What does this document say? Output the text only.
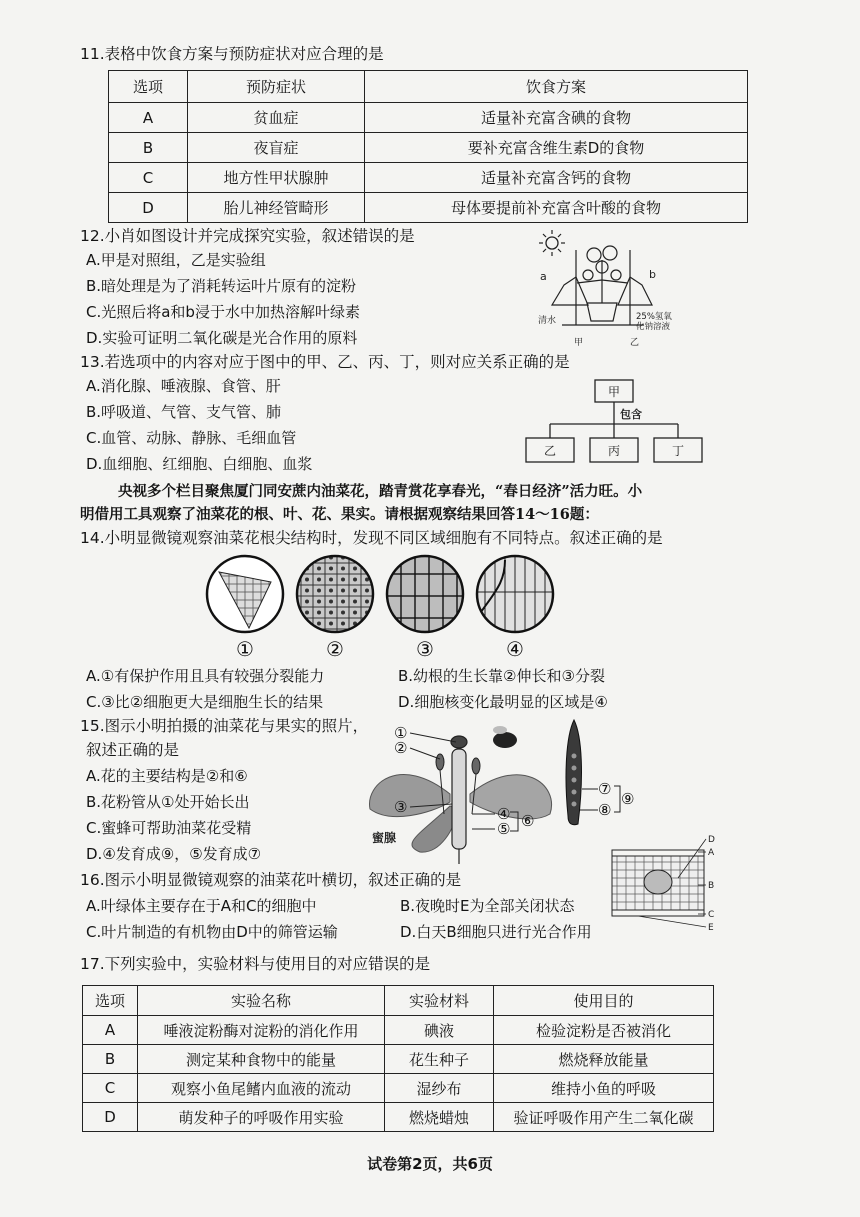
11.表格中饮食方案与预防症状对应合理的是
选项	预防症状	饮食方案
A	贫血症	适量补充富含碘的食物
B	夜盲症	要补充富含维生素D的食物
C	地方性甲状腺肿	适量补充富含钙的食物
D	胎儿神经管畸形	母体要提前补充富含叶酸的食物
12.小肖如图设计并完成探究实验，叙述错误的是
A.甲是对照组，乙是实验组
B.暗处理是为了消耗转运叶片原有的淀粉
C.光照后将a和b浸于水中加热溶解叶绿素
D.实验可证明二氧化碳是光合作用的原料
a	b
清水	25%氢氧
化钠溶液
甲	乙
13.若选项中的内容对应于图中的甲、乙、丙、丁，则对应关系正确的是
A.消化腺、唾液腺、食管、肝
B.呼吸道、气管、支气管、肺
C.血管、动脉、静脉、毛细血管
D.血细胞、红细胞、白细胞、血浆
甲
包含
乙	丙	丁
央视多个栏目聚焦厦门同安蔗内油菜花，踏青赏花享春光，“春日经济”活力旺。小
明借用工具观察了油菜花的根、叶、花、果实。请根据观察结果回答14～16题：
14.小明显微镜观察油菜花根尖结构时，发现不同区域细胞有不同特点。叙述正确的是
①	②	③	④
A.①有保护作用且具有较强分裂能力	B.幼根的生长靠②伸长和③分裂
C.③比②细胞更大是细胞生长的结果	D.细胞核变化最明显的区域是④
15.图示小明拍摄的油菜花与果实的照片，
叙述正确的是
A.花的主要结构是②和⑥
B.花粉管从①处开始长出
C.蜜蜂可帮助油菜花受精
D.④发育成⑨，⑤发育成⑦
①
②
③	④
⑤ ⑥
蜜腺
⑦
⑧
⑨
16.图示小明显微镜观察的油菜花叶横切，叙述正确的是
A.叶绿体主要存在于A和C的细胞中	B.夜晚时E为全部关闭状态
C.叶片制造的有机物由D中的筛管运输	D.白天B细胞只进行光合作用
D
A
B
C
E
17.下列实验中，实验材料与使用目的对应错误的是
选项	实验名称	实验材料	使用目的
A	唾液淀粉酶对淀粉的消化作用	碘液	检验淀粉是否被消化
B	测定某种食物中的能量	花生种子	燃烧释放能量
C	观察小鱼尾鳍内血液的流动	湿纱布	维持小鱼的呼吸
D	萌发种子的呼吸作用实验	燃烧蜡烛	验证呼吸作用产生二氧化碳
试卷第2页，共6页
